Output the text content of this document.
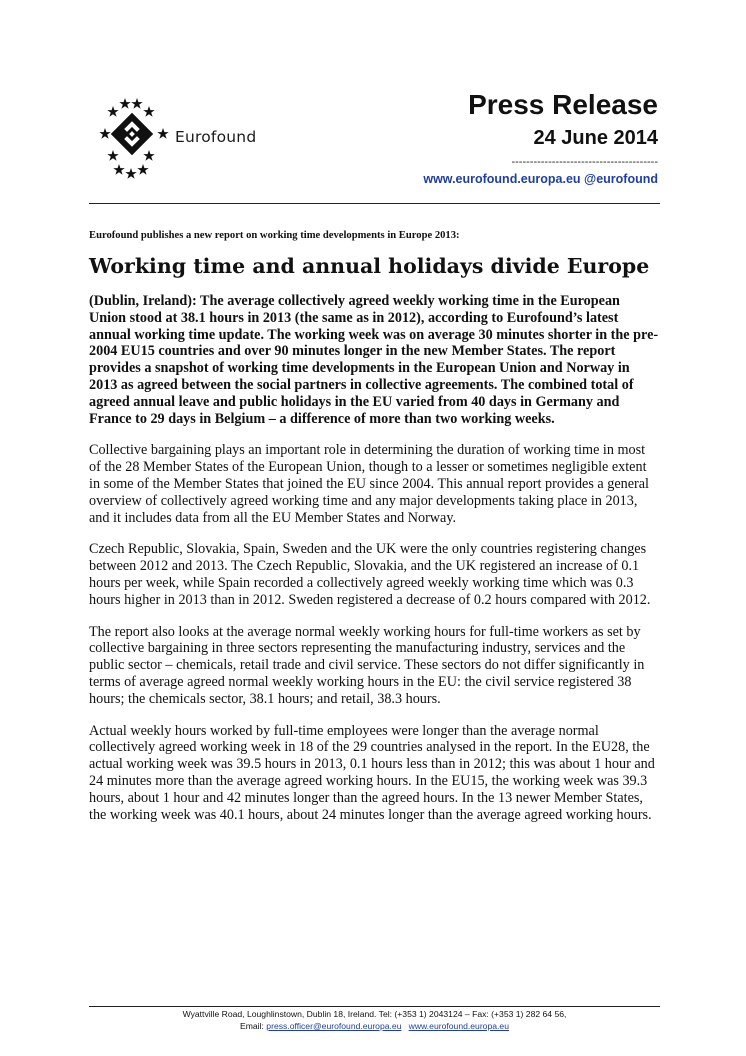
Eurofound
Press Release
24 June 2014
----------------------------------------
www.eurofound.europa.eu @eurofound

Eurofound publishes a new report on working time developments in Europe 2013:

Working time and annual holidays divide Europe

(Dublin, Ireland): The average collectively agreed weekly working time in the European Union stood at 38.1 hours in 2013 (the same as in 2012), according to Eurofound’s latest annual working time update. The working week was on average 30 minutes shorter in the pre-2004 EU15 countries and over 90 minutes longer in the new Member States. The report provides a snapshot of working time developments in the European Union and Norway in 2013 as agreed between the social partners in collective agreements. The combined total of agreed annual leave and public holidays in the EU varied from 40 days in Germany and France to 29 days in Belgium – a difference of more than two working weeks.

Collective bargaining plays an important role in determining the duration of working time in most of the 28 Member States of the European Union, though to a lesser or sometimes negligible extent in some of the Member States that joined the EU since 2004. This annual report provides a general overview of collectively agreed working time and any major developments taking place in 2013, and it includes data from all the EU Member States and Norway.

Czech Republic, Slovakia, Spain, Sweden and the UK were the only countries registering changes between 2012 and 2013. The Czech Republic, Slovakia, and the UK registered an increase of 0.1 hours per week, while Spain recorded a collectively agreed weekly working time which was 0.3 hours higher in 2013 than in 2012. Sweden registered a decrease of 0.2 hours compared with 2012.

The report also looks at the average normal weekly working hours for full-time workers as set by collective bargaining in three sectors representing the manufacturing industry, services and the public sector – chemicals, retail trade and civil service. These sectors do not differ significantly in terms of average agreed normal weekly working hours in the EU: the civil service registered 38 hours; the chemicals sector, 38.1 hours; and retail, 38.3 hours.

Actual weekly hours worked by full-time employees were longer than the average normal collectively agreed working week in 18 of the 29 countries analysed in the report. In the EU28, the actual working week was 39.5 hours in 2013, 0.1 hours less than in 2012; this was about 1 hour and 24 minutes more than the average agreed working hours. In the EU15, the working week was 39.3 hours, about 1 hour and 42 minutes longer than the agreed hours. In the 13 newer Member States, the working week was 40.1 hours, about 24 minutes longer than the average agreed working hours.

Wyattville Road, Loughlinstown, Dublin 18, Ireland. Tel: (+353 1) 2043124 – Fax: (+353 1) 282 64 56,
Email: press.officer@eurofound.europa.eu www.eurofound.europa.eu
